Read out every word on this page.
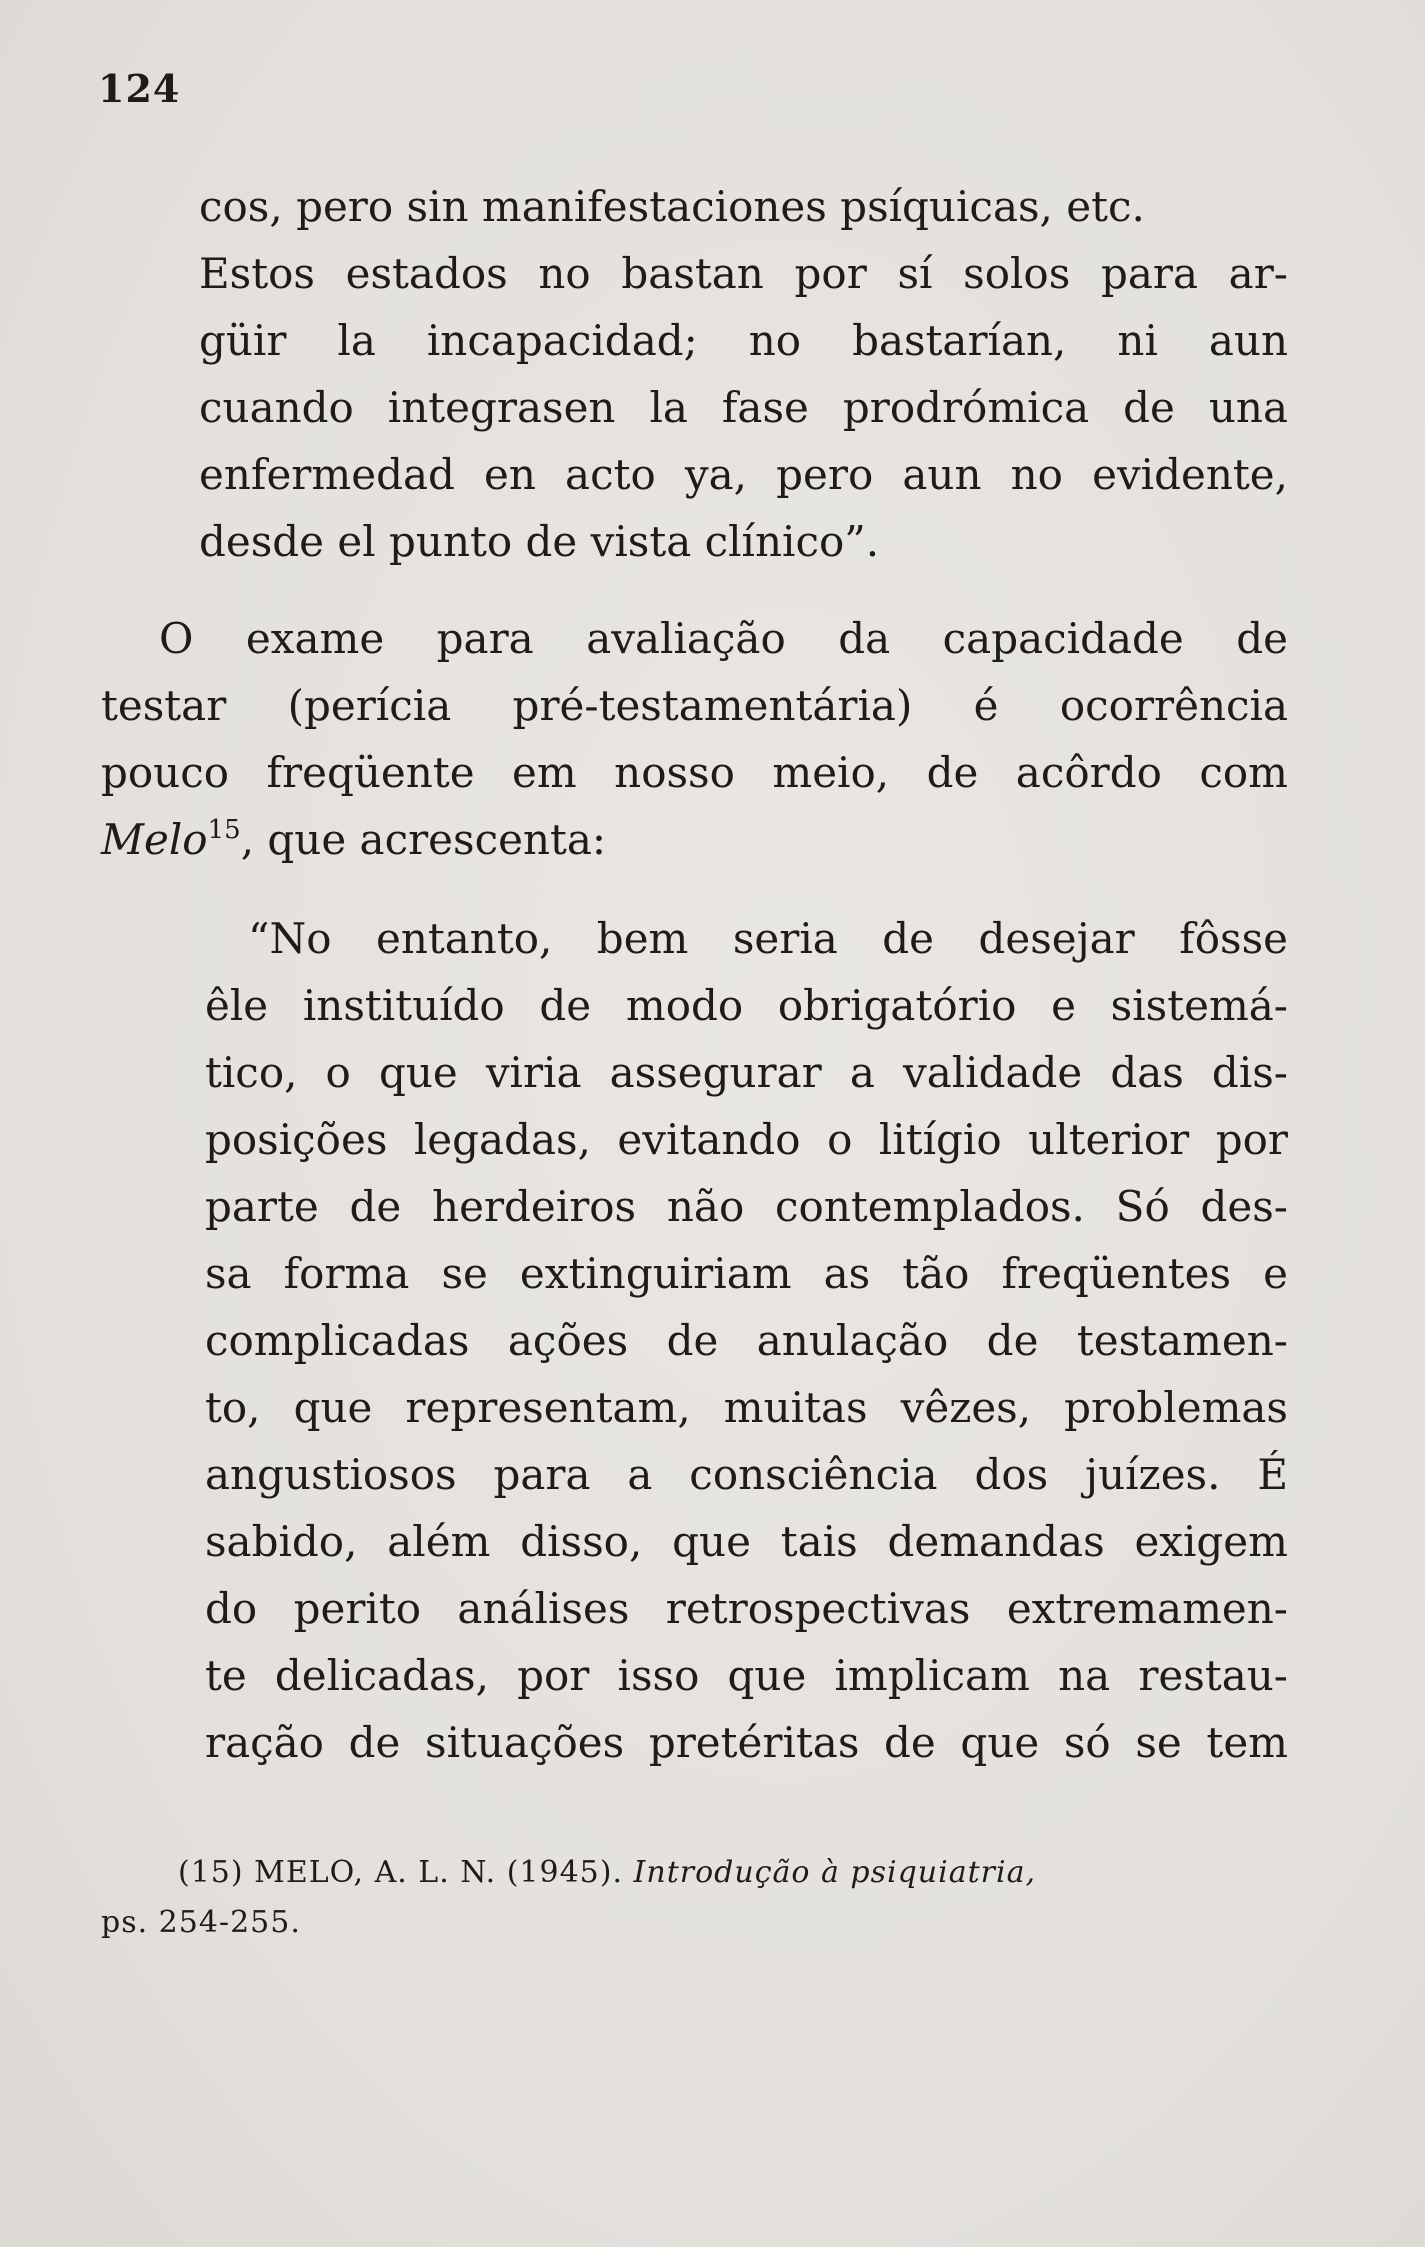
124
cos, pero sin manifestaciones psíquicas, etc.
Estos estados no bastan por sí solos para ar-
güir la incapacidad; no bastarían, ni aun
cuando integrasen la fase prodrómica de una
enfermedad en acto ya, pero aun no evidente,
desde el punto de vista clínico”.
O exame para avaliação da capacidade de
testar (perícia pré-testamentária) é ocorrência
pouco freqüente em nosso meio, de acôrdo com
Melo$^{15}$, que acrescenta:
“No entanto, bem seria de desejar fôsse
êle instituído de modo obrigatório e sistemá-
tico, o que viria assegurar a validade das dis-
posições legadas, evitando o litígio ulterior por
parte de herdeiros não contemplados. Só des-
sa forma se extinguiriam as tão freqüentes e
complicadas ações de anulação de testamen-
to, que representam, muitas vêzes, problemas
angustiosos para a consciência dos juízes. É
sabido, além disso, que tais demandas exigem
do perito análises retrospectivas extremamen-
te delicadas, por isso que implicam na restau-
ração de situações pretéritas de que só se tem
(15) MELO, A. L. N. (1945). Introdução à psiquiatria,
ps. 254-255.
